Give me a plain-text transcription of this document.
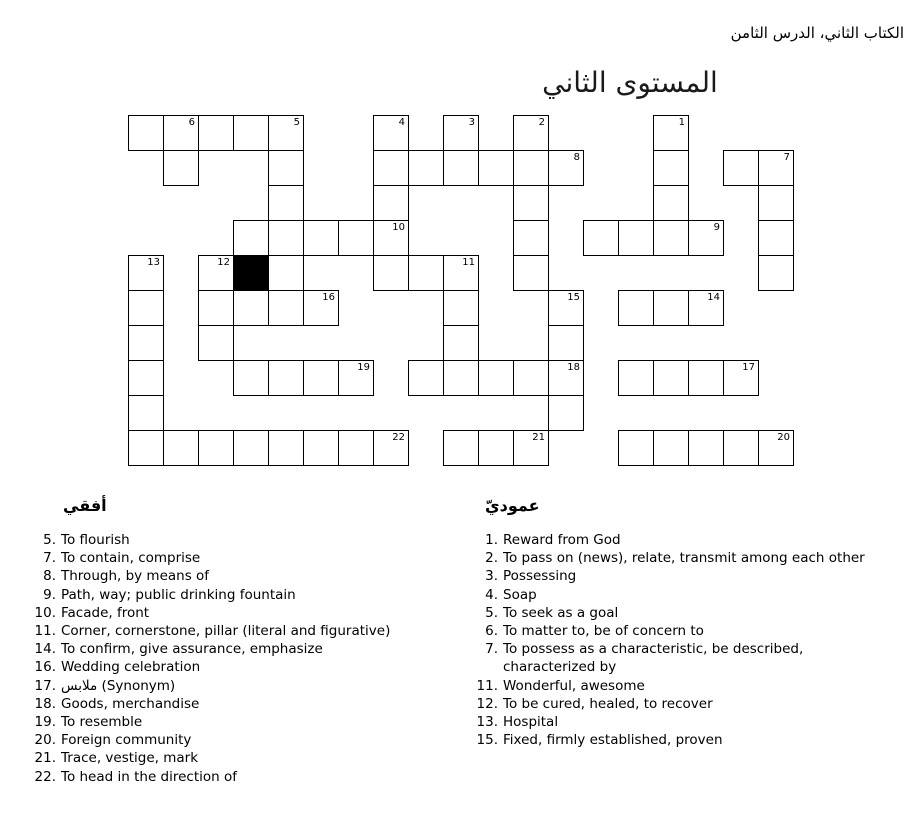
الكتاب الثاني، الدرس الثامن
المستوى الثاني
6	5	4	3	2	1
8	7
10	9
13	12	11
16	15	14
19	18	17
22	21	20
أفقي	عموديّ
5. To flourish
7. To contain, comprise
8. Through, by means of
9. Path, way; public drinking fountain
10. Facade, front
11. Corner, cornerstone, pillar (literal and figurative)
14. To confirm, give assurance, emphasize
16. Wedding celebration
17. ملابس (Synonym)
18. Goods, merchandise
19. To resemble
20. Foreign community
21. Trace, vestige, mark
22. To head in the direction of
1. Reward from God
2. To pass on (news), relate, transmit among each other
3. Possessing
4. Soap
5. To seek as a goal
6. To matter to, be of concern to
7. To possess as a characteristic, be described, characterized by
11. Wonderful, awesome
12. To be cured, healed, to recover
13. Hospital
15. Fixed, firmly established, proven
